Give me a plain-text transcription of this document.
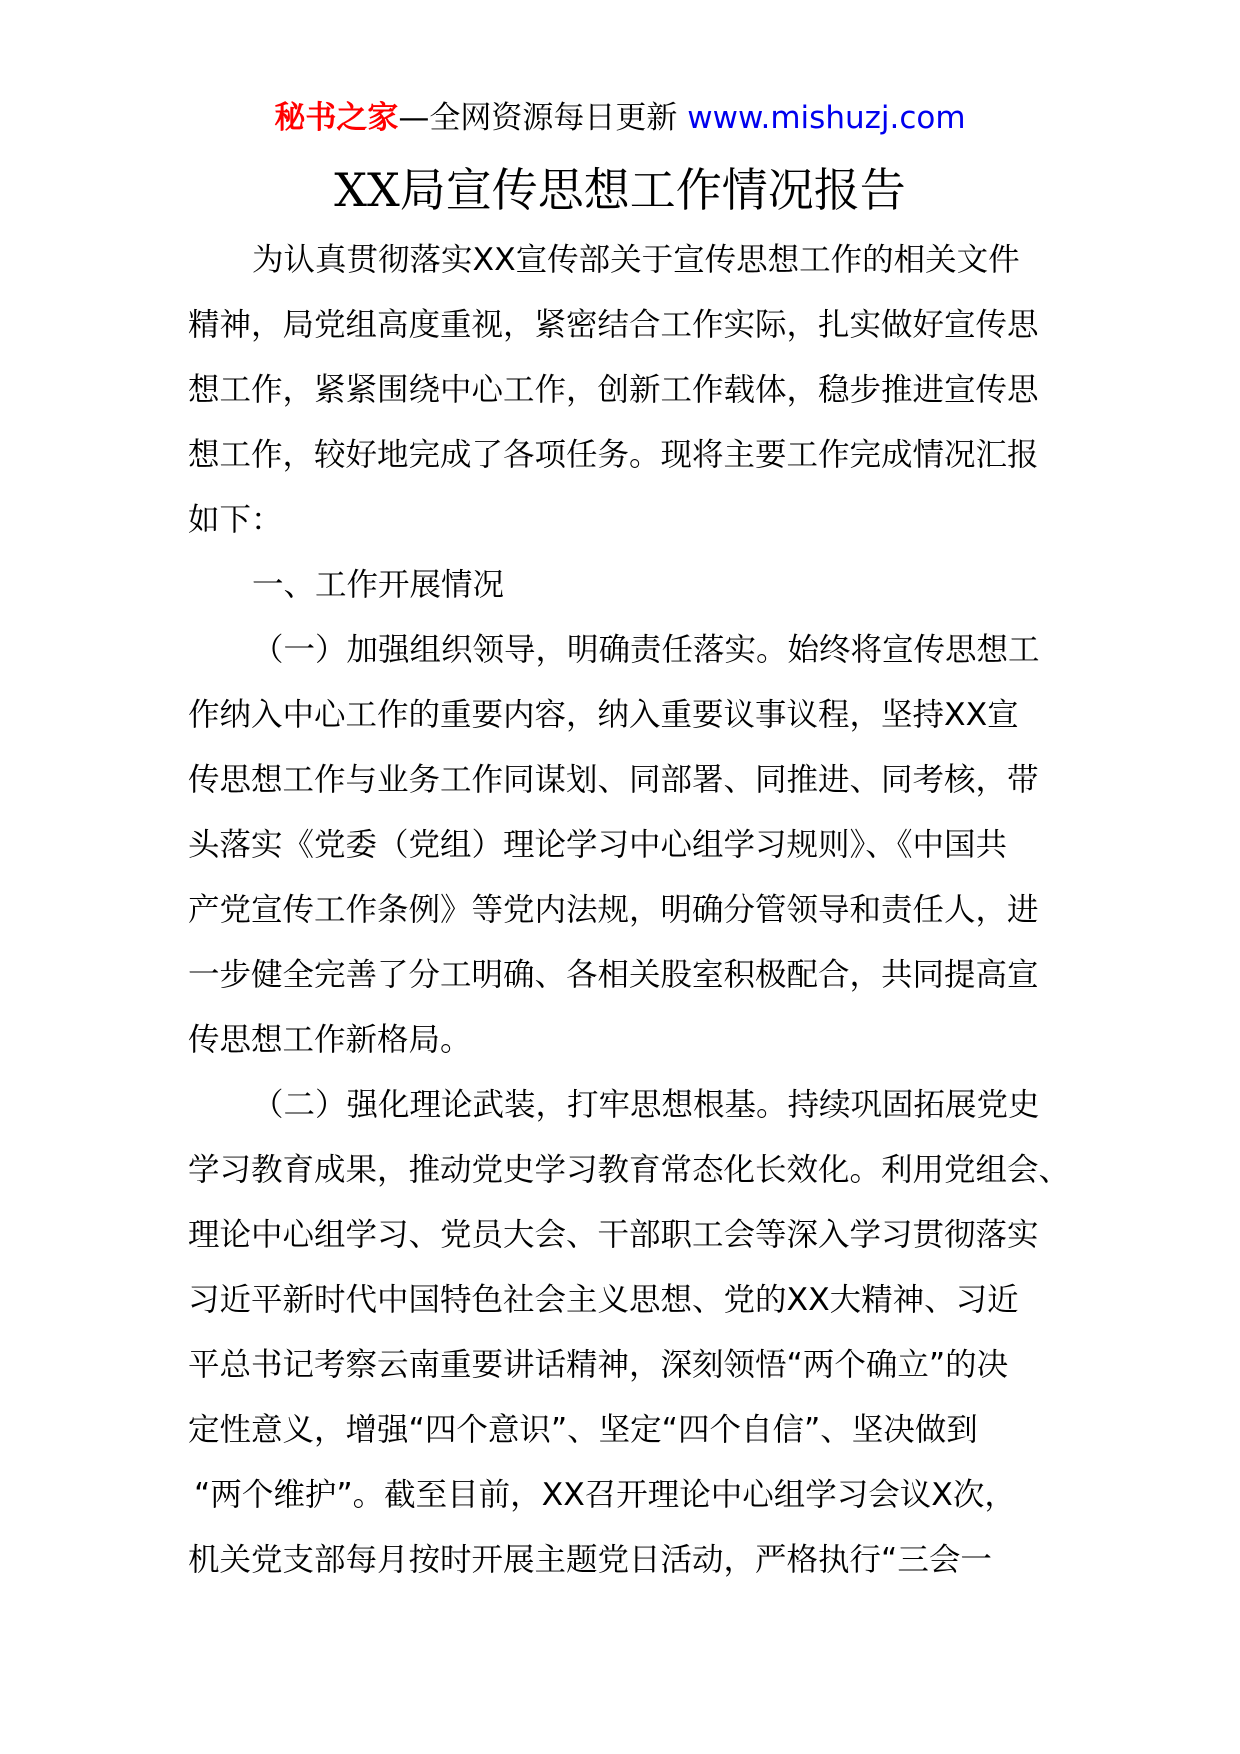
秘书之家—全网资源每日更新 www.mishuzj.com
XX局宣传思想工作情况报告
为认真贯彻落实XX宣传部关于宣传思想工作的相关文件
精神，局党组高度重视，紧密结合工作实际，扎实做好宣传思
想工作，紧紧围绕中心工作，创新工作载体，稳步推进宣传思
想工作，较好地完成了各项任务。现将主要工作完成情况汇报
如下：
一、工作开展情况
（一）加强组织领导，明确责任落实。始终将宣传思想工
作纳入中心工作的重要内容，纳入重要议事议程，坚持XX宣
传思想工作与业务工作同谋划、同部署、同推进、同考核，带
头落实《党委（党组）理论学习中心组学习规则》、《中国共
产党宣传工作条例》等党内法规，明确分管领导和责任人，进
一步健全完善了分工明确、各相关股室积极配合，共同提高宣
传思想工作新格局。
（二）强化理论武装，打牢思想根基。持续巩固拓展党史
学习教育成果，推动党史学习教育常态化长效化。利用党组会、
理论中心组学习、党员大会、干部职工会等深入学习贯彻落实
习近平新时代中国特色社会主义思想、党的XX大精神、习近
平总书记考察云南重要讲话精神，深刻领悟“两个确立”的决
定性意义，增强“四个意识”、坚定“四个自信”、坚决做到
“两个维护”。截至目前，XX召开理论中心组学习会议X次，
机关党支部每月按时开展主题党日活动，严格执行“三会一
